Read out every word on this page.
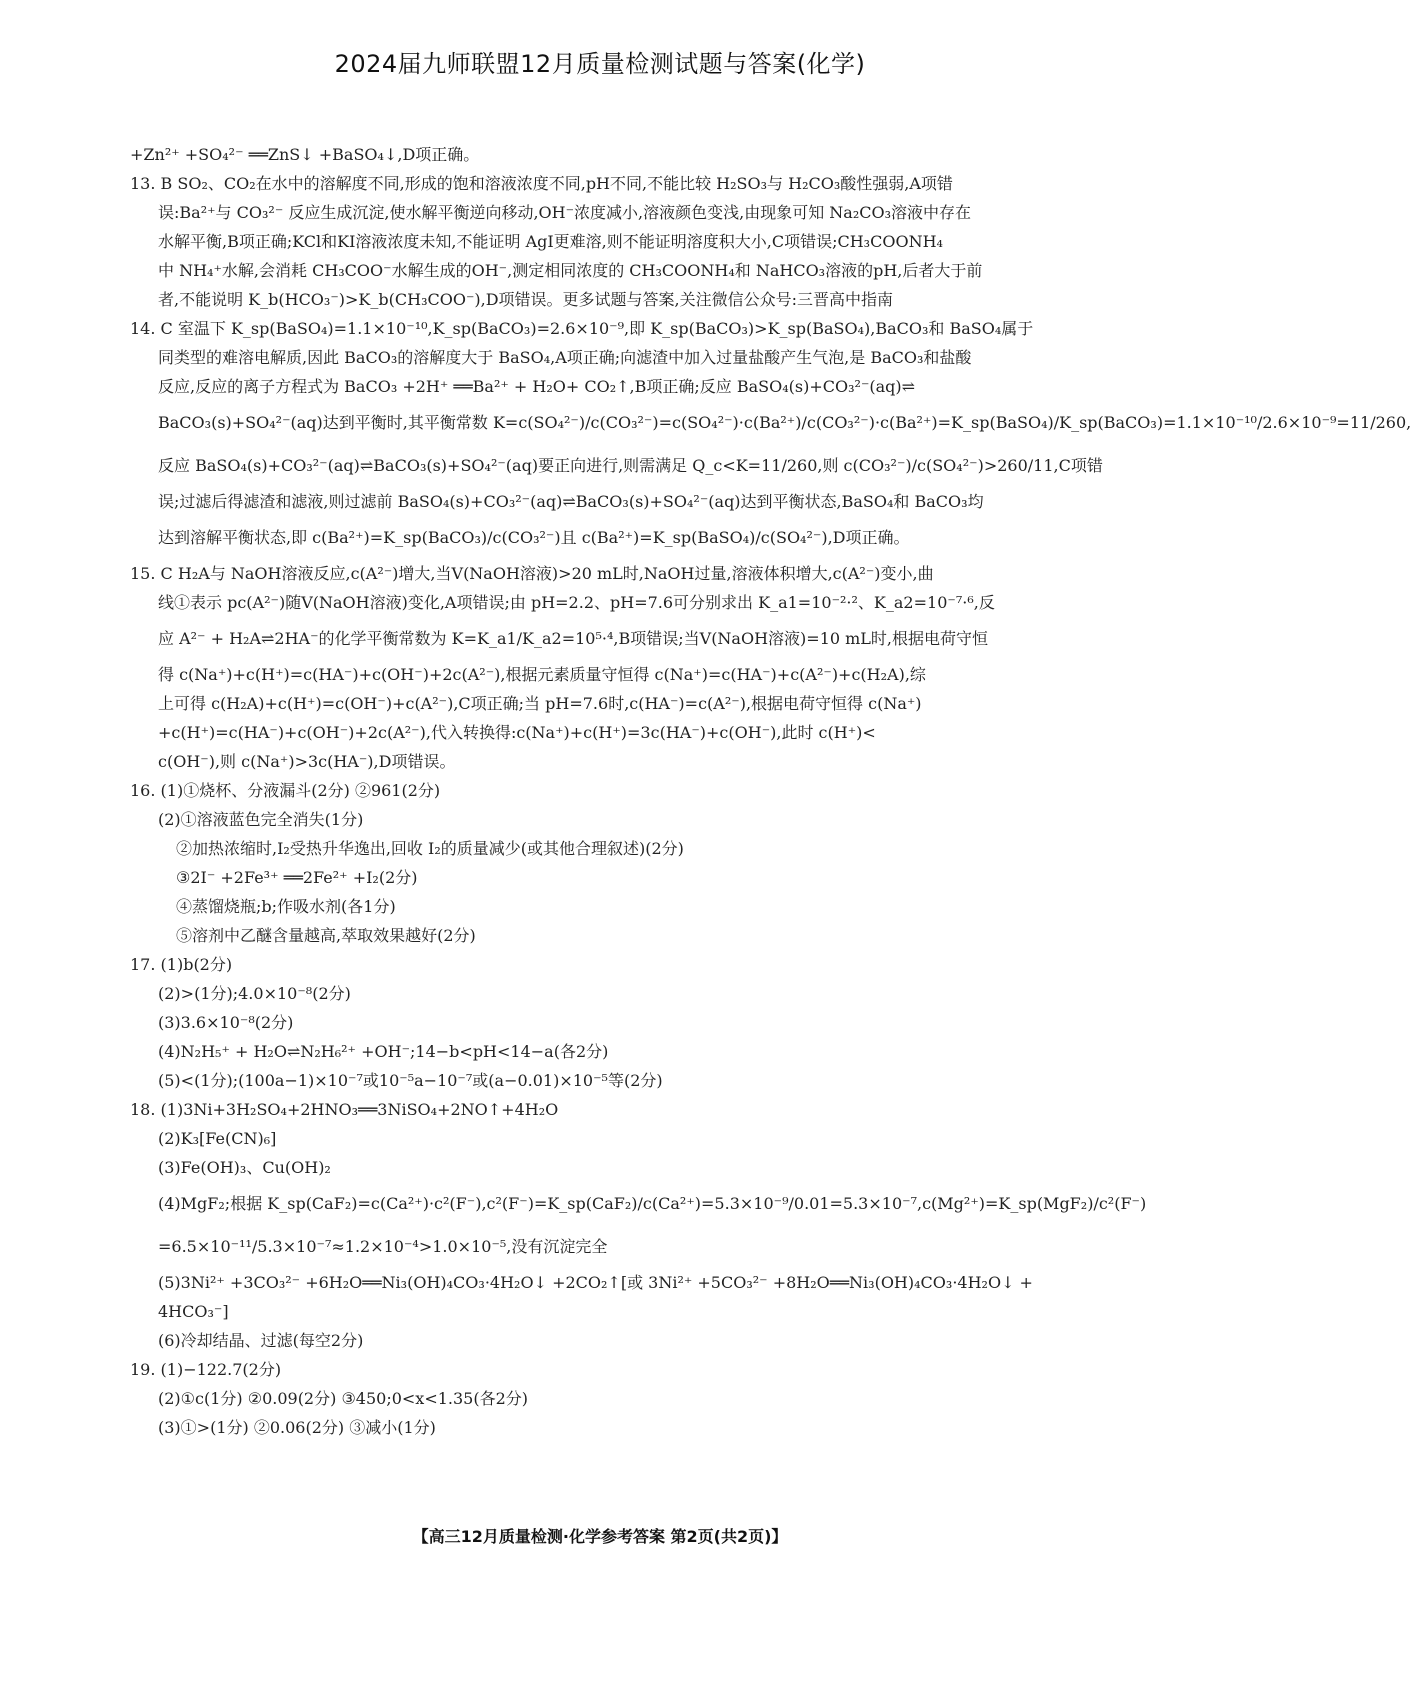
2024届九师联盟12月质量检测试题与答案(化学)
+Zn²⁺ +SO₄²⁻ ══ZnS↓ +BaSO₄↓,D项正确。
13. B SO₂、CO₂在水中的溶解度不同,形成的饱和溶液浓度不同,pH不同,不能比较 H₂SO₃与 H₂CO₃酸性强弱,A项错
误:Ba²⁺与 CO₃²⁻ 反应生成沉淀,使水解平衡逆向移动,OH⁻浓度减小,溶液颜色变浅,由现象可知 Na₂CO₃溶液中存在
水解平衡,B项正确;KCl和KI溶液浓度未知,不能证明 AgI更难溶,则不能证明溶度积大小,C项错误;CH₃COONH₄
中 NH₄⁺水解,会消耗 CH₃COO⁻水解生成的OH⁻,测定相同浓度的 CH₃COONH₄和 NaHCO₃溶液的pH,后者大于前
者,不能说明 K_b(HCO₃⁻)>K_b(CH₃COO⁻),D项错误。更多试题与答案,关注微信公众号:三晋高中指南
14. C 室温下 K_sp(BaSO₄)=1.1×10⁻¹⁰,K_sp(BaCO₃)=2.6×10⁻⁹,即 K_sp(BaCO₃)>K_sp(BaSO₄),BaCO₃和 BaSO₄属于
同类型的难溶电解质,因此 BaCO₃的溶解度大于 BaSO₄,A项正确;向滤渣中加入过量盐酸产生气泡,是 BaCO₃和盐酸
反应,反应的离子方程式为 BaCO₃ +2H⁺ ══Ba²⁺ + H₂O+ CO₂↑,B项正确;反应 BaSO₄(s)+CO₃²⁻(aq)⇌
BaCO₃(s)+SO₄²⁻(aq)达到平衡时,其平衡常数 K=c(SO₄²⁻)/c(CO₃²⁻)=c(SO₄²⁻)·c(Ba²⁺)/c(CO₃²⁻)·c(Ba²⁺)=K_sp(BaSO₄)/K_sp(BaCO₃)=1.1×10⁻¹⁰/2.6×10⁻⁹=11/260,
反应 BaSO₄(s)+CO₃²⁻(aq)⇌BaCO₃(s)+SO₄²⁻(aq)要正向进行,则需满足 Q_c<K=11/260,则 c(CO₃²⁻)/c(SO₄²⁻)>260/11,C项错
误;过滤后得滤渣和滤液,则过滤前 BaSO₄(s)+CO₃²⁻(aq)⇌BaCO₃(s)+SO₄²⁻(aq)达到平衡状态,BaSO₄和 BaCO₃均
达到溶解平衡状态,即 c(Ba²⁺)=K_sp(BaCO₃)/c(CO₃²⁻)且 c(Ba²⁺)=K_sp(BaSO₄)/c(SO₄²⁻),D项正确。
15. C H₂A与 NaOH溶液反应,c(A²⁻)增大,当V(NaOH溶液)>20 mL时,NaOH过量,溶液体积增大,c(A²⁻)变小,曲
线①表示 pc(A²⁻)随V(NaOH溶液)变化,A项错误;由 pH=2.2、pH=7.6可分别求出 K_a1=10⁻²·²、K_a2=10⁻⁷·⁶,反
应 A²⁻ + H₂A⇌2HA⁻的化学平衡常数为 K=K_a1/K_a2=10⁵·⁴,B项错误;当V(NaOH溶液)=10 mL时,根据电荷守恒
得 c(Na⁺)+c(H⁺)=c(HA⁻)+c(OH⁻)+2c(A²⁻),根据元素质量守恒得 c(Na⁺)=c(HA⁻)+c(A²⁻)+c(H₂A),综
上可得 c(H₂A)+c(H⁺)=c(OH⁻)+c(A²⁻),C项正确;当 pH=7.6时,c(HA⁻)=c(A²⁻),根据电荷守恒得 c(Na⁺)
+c(H⁺)=c(HA⁻)+c(OH⁻)+2c(A²⁻),代入转换得:c(Na⁺)+c(H⁺)=3c(HA⁻)+c(OH⁻),此时 c(H⁺)<
c(OH⁻),则 c(Na⁺)>3c(HA⁻),D项错误。
16. (1)①烧杯、分液漏斗(2分) ②961(2分)
(2)①溶液蓝色完全消失(1分)
②加热浓缩时,I₂受热升华逸出,回收 I₂的质量减少(或其他合理叙述)(2分)
③2I⁻ +2Fe³⁺ ══2Fe²⁺ +I₂(2分)
④蒸馏烧瓶;b;作吸水剂(各1分)
⑤溶剂中乙醚含量越高,萃取效果越好(2分)
17. (1)b(2分)
(2)>(1分);4.0×10⁻⁸(2分)
(3)3.6×10⁻⁸(2分)
(4)N₂H₅⁺ + H₂O⇌N₂H₆²⁺ +OH⁻;14−b<pH<14−a(各2分)
(5)<(1分);(100a−1)×10⁻⁷或10⁻⁵a−10⁻⁷或(a−0.01)×10⁻⁵等(2分)
18. (1)3Ni+3H₂SO₄+2HNO₃══3NiSO₄+2NO↑+4H₂O
(2)K₃[Fe(CN)₆]
(3)Fe(OH)₃、Cu(OH)₂
(4)MgF₂;根据 K_sp(CaF₂)=c(Ca²⁺)·c²(F⁻),c²(F⁻)=K_sp(CaF₂)/c(Ca²⁺)=5.3×10⁻⁹/0.01=5.3×10⁻⁷,c(Mg²⁺)=K_sp(MgF₂)/c²(F⁻)
=6.5×10⁻¹¹/5.3×10⁻⁷≈1.2×10⁻⁴>1.0×10⁻⁵,没有沉淀完全
(5)3Ni²⁺ +3CO₃²⁻ +6H₂O══Ni₃(OH)₄CO₃·4H₂O↓ +2CO₂↑[或 3Ni²⁺ +5CO₃²⁻ +8H₂O══Ni₃(OH)₄CO₃·4H₂O↓ +
4HCO₃⁻]
(6)冷却结晶、过滤(每空2分)
19. (1)−122.7(2分)
(2)①c(1分) ②0.09(2分) ③450;0<x<1.35(各2分)
(3)①>(1分) ②0.06(2分) ③减小(1分)
【高三12月质量检测·化学参考答案 第2页(共2页)】
